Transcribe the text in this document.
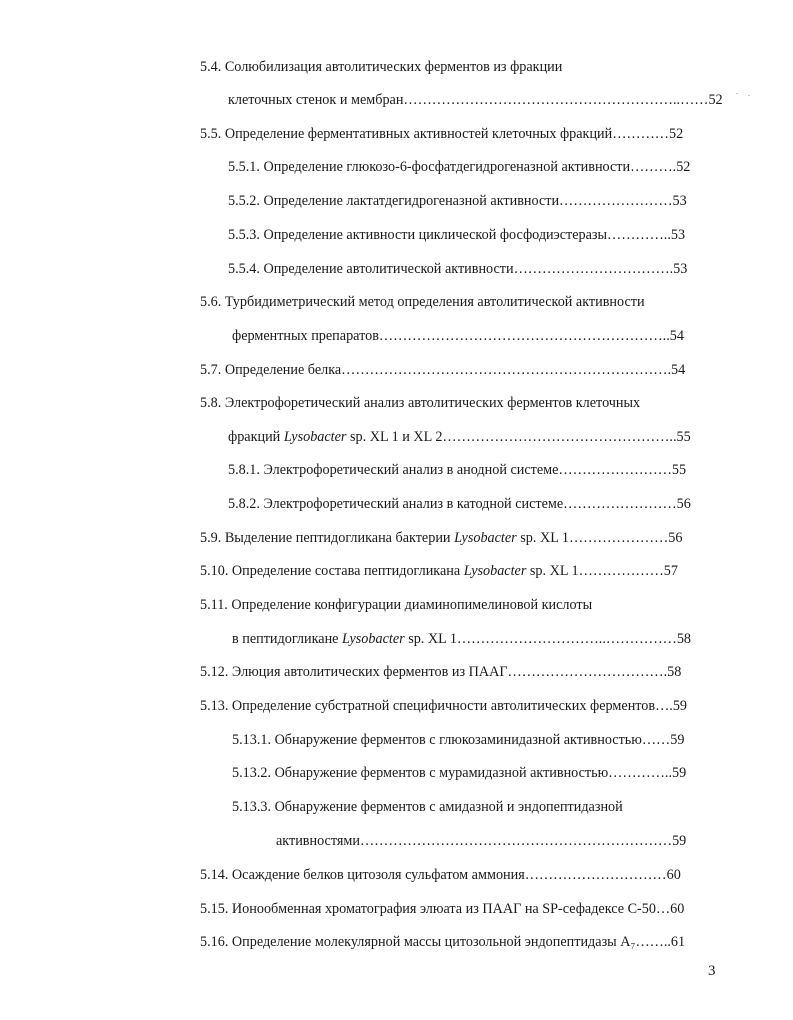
5.4. Солюбилизация автолитических ферментов из фракции
клеточных стенок и мембран…………………………………………………..……52
5.5. Определение ферментативных активностей клеточных фракций…………52
5.5.1. Определение глюкозо-6-фосфатдегидрогеназной активности……….52
5.5.2. Определение лактатдегидрогеназной активности……………………53
5.5.3. Определение активности циклической фосфодиэстеразы…………..53
5.5.4. Определение автолитической активности…………………………….53
5.6. Турбидиметрический метод определения автолитической активности
ферментных препаратов……………………………………………………..54
5.7. Определение белка…………………………………………………………….54
5.8. Электрофоретический анализ автолитических ферментов клеточных
фракций Lysobacter sp. XL 1 и XL 2…………………………………………..55
5.8.1. Электрофоретический анализ в анодной системе……………………55
5.8.2. Электрофоретический анализ в катодной системе……………………56
5.9. Выделение пептидогликана бактерии Lysobacter sp. XL 1…………………56
5.10. Определение состава пептидогликана Lysobacter sp. XL 1………………57
5.11. Определение конфигурации диаминопимелиновой кислоты
в пептидогликане Lysobacter sp. XL 1…………………………..……………58
5.12. Элюция автолитических ферментов из ПААГ…………………………….58
5.13. Определение субстратной специфичности автолитических ферментов….59
5.13.1. Обнаружение ферментов с глюкозаминидазной активностью……59
5.13.2. Обнаружение ферментов с мурамидазной активностью…………..59
5.13.3. Обнаружение ферментов с амидазной и эндопептидазной
активностями…………………………………………………………59
5.14. Осаждение белков цитозоля сульфатом аммония…………………………60
5.15. Ионообменная хроматография элюата из ПААГ на SP-сефадексе С-50…60
5.16. Определение молекулярной массы цитозольной эндопептидазы A₇……..61
3
